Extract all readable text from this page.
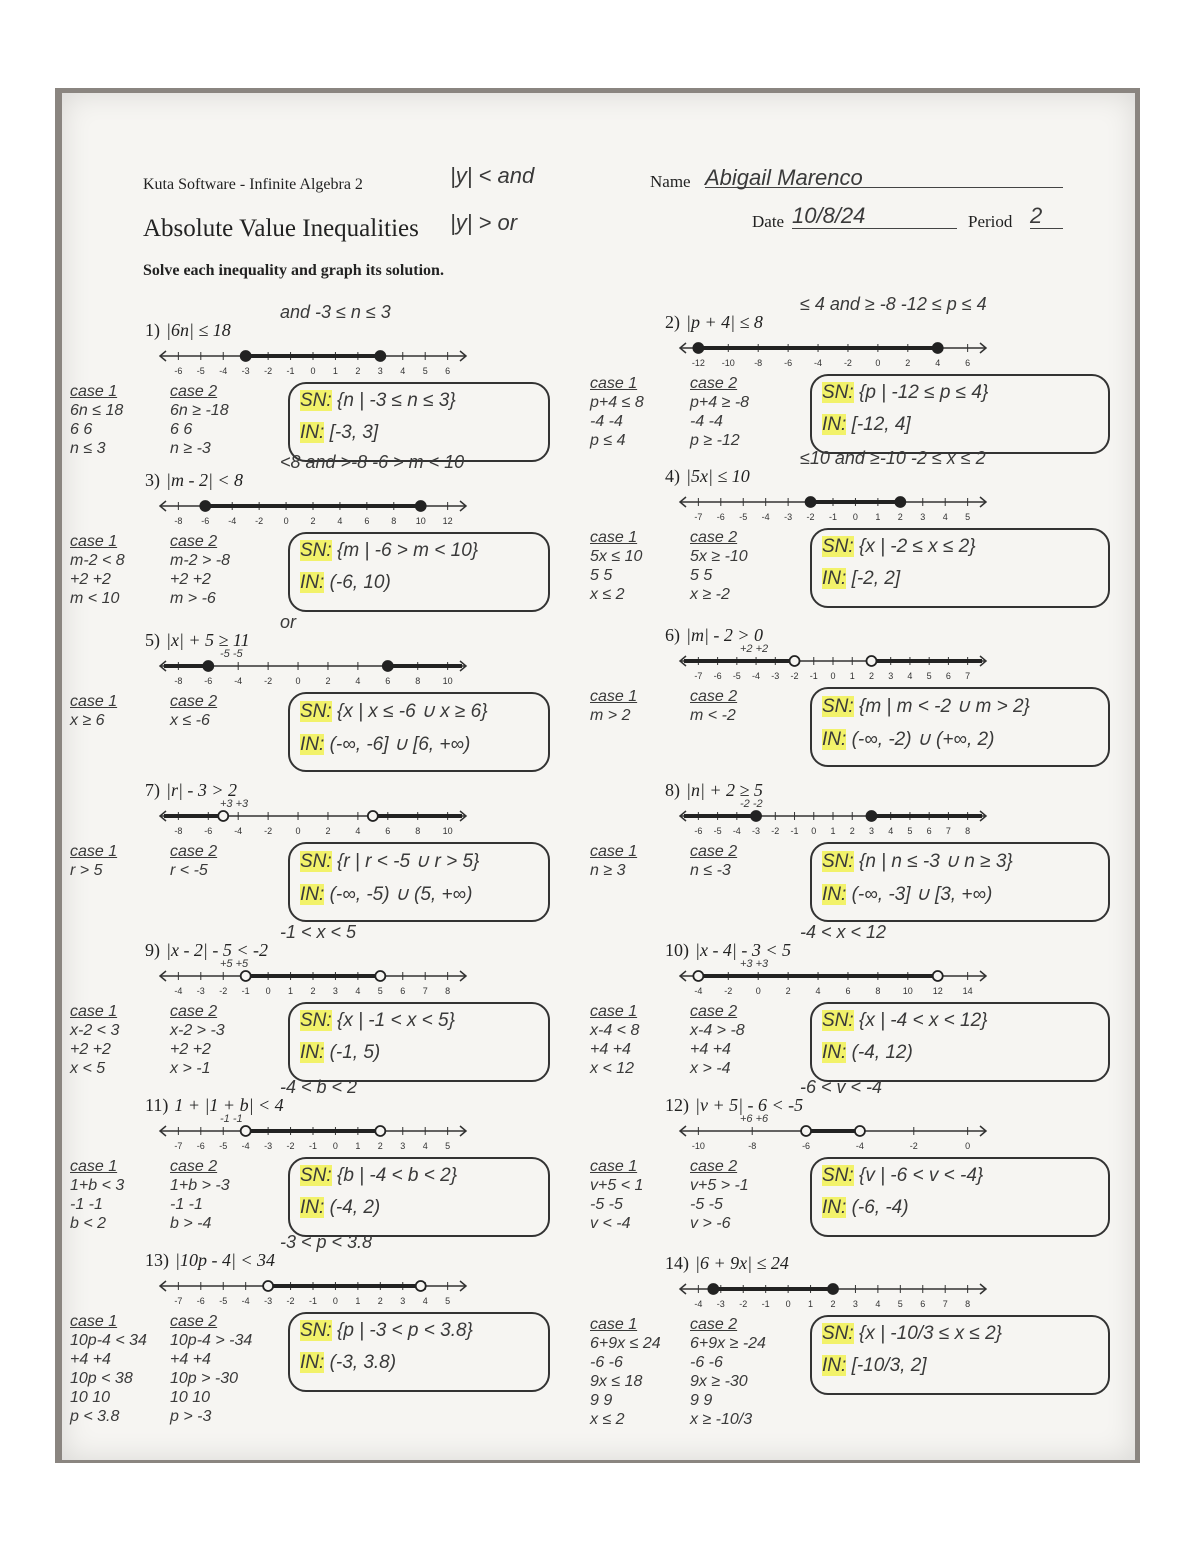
Kuta Software - Infinite Algebra 2
Absolute Value Inequalities
Solve each inequality and graph its solution.
|y| < and
|y| > or
Name Abigail Marenco
Date 10/8/24	Period 2
1) |6n| ≤ 18
and -3 ≤ n ≤ 3
-6 -5 -4 -3 -2 -1 0 1 2 3 4 5 6
case 1
6n ≤ 18
6 6
n ≤ 3
case 2
6n ≥ -18
6 6
n ≥ -3
SN: {n | -3 ≤ n ≤ 3}
IN: [-3, 3]
2) |p + 4| ≤ 8
≤ 4 and ≥ -8 -12 ≤ p ≤ 4
-12 -10 -8 -6 -4 -2	0	2	4	6
case 1
p+4 ≤ 8
-4 -4
p ≤ 4
case 2
p+4 ≥ -8
-4 -4
p ≥ -12
SN: {p | -12 ≤ p ≤ 4}
IN: [-12, 4]
3) |m - 2| < 8
<8 and >-8 -6 > m < 10
-8 -6 -4 -2 0 2 4 6 8 10 12
case 1
m-2 < 8
+2 +2
m < 10
case 2
m-2 > -8
+2 +2
m > -6
SN: {m | -6 > m < 10}
IN: (-6, 10)
4) |5x| ≤ 10
≤10 and ≥-10 -2 ≤ x ≤ 2
-7 -6 -5 -4 -3 -2 -1 0 1 2 3 4 5
case 1
5x ≤ 10
5 5
x ≤ 2
case 2
5x ≥ -10
5 5
x ≥ -2
SN: {x | -2 ≤ x ≤ 2}
IN: [-2, 2]
5) |x| + 5 ≥ 11
or
-5 -5
-8 -6 -4 -2	0	2	4	6	8 10
case 1
x ≥ 6
case 2
x ≤ -6	SN: {x | x ≤ -6 ∪ x ≥ 6}
IN: (-∞, -6] ∪ [6, +∞)
6) |m| - 2 > 0
+2 +2
-7 -6 -5 -4 -3 -2 -1 0 1 2 3 4 5 6 7
case 1
m > 2
case 2
m < -2	SN: {m | m < -2 ∪ m > 2}
IN: (-∞, -2) ∪ (+∞, 2)
7) |r| - 3 > 2
+3 +3
-8 -6 -4 -2	0	2	4	6	8 10
case 1
r > 5
case 2
r < -5	SN: {r | r < -5 ∪ r > 5}
IN: (-∞, -5) ∪ (5, +∞)
8) |n| + 2 ≥ 5
-2 -2
-6 -5 -4 -3 -2 -1 0 1 2 3 4 5 6 7 8
case 1
n ≥ 3
case 2
n ≤ -3	SN: {n | n ≤ -3 ∪ n ≥ 3}
IN: (-∞, -3] ∪ [3, +∞)
9) |x - 2| - 5 < -2
-1 < x < 5
+5 +5
-4 -3 -2 -1 0 1 2 3 4 5 6 7 8
case 1
x-2 < 3
+2 +2
x < 5
case 2
x-2 > -3
+2 +2
x > -1
SN: {x | -1 < x < 5}
IN: (-1, 5)
10) |x - 4| - 3 < 5
-4 < x < 12
+3 +3
-4 -2	0	2	4	6	8 10 12 14
case 1
x-4 < 8
+4 +4
x < 12
case 2
x-4 > -8
+4 +4
x > -4
SN: {x | -4 < x < 12}
IN: (-4, 12)
11) 1 + |1 + b| < 4
-4 < b < 2
-1 -1
-7 -6 -5 -4 -3 -2 -1 0 1 2 3 4 5
case 1
1+b < 3
-1 -1
b < 2
case 2
1+b > -3
-1 -1
b > -4
SN: {b | -4 < b < 2}
IN: (-4, 2)
12) |v + 5| - 6 < -5
-6 < v < -4
+6 +6
-10	-8	-6	-4	-2	0
case 1
v+5 < 1
-5 -5
v < -4
case 2
v+5 > -1
-5 -5
v > -6
SN: {v | -6 < v < -4}
IN: (-6, -4)
13) |10p - 4| < 34
-3 < p < 3.8
-7 -6 -5 -4 -3 -2 -1 0 1 2 3 4 5
case 1
10p-4 < 34
+4 +4
10p < 38
10 10
p < 3.8
case 2
10p-4 > -34
+4 +4
10p > -30
10 10
p > -3
SN: {p | -3 < p < 3.8}
IN: (-3, 3.8)
14) |6 + 9x| ≤ 24
-4 -3 -2 -1 0 1 2 3 4 5 6 7 8
case 1
6+9x ≤ 24
-6 -6
9x ≤ 18
9 9
x ≤ 2
case 2
6+9x ≥ -24
-6 -6
9x ≥ -30
9 9
x ≥ -10/3
SN: {x | -10/3 ≤ x ≤ 2}
IN: [-10/3, 2]
